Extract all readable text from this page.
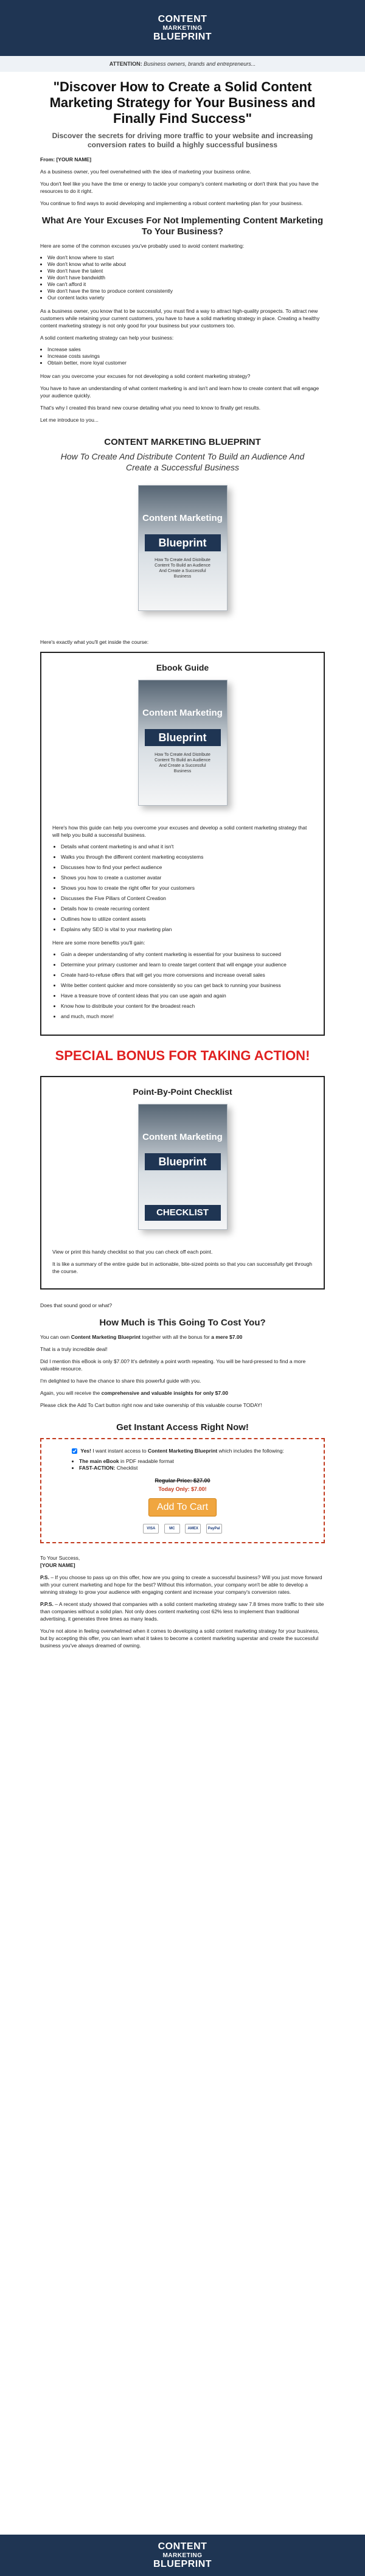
CONTENT
MARKETING
BLUEPRINT
ATTENTION:
Business owners, brands and entrepreneurs...
"Discover How to Create a Solid Content Marketing Strategy for Your Business and Finally Find Success"
Discover the secrets for driving more traffic to your website and increasing conversion rates to build a highly successful business

From: [YOUR NAME]

As a business owner, you feel overwhelmed with the idea of marketing your business online.

You don't feel like you have the time or energy to tackle your company's content marketing or don't think that you have the resources to do it right.

You continue to find ways to avoid developing and implementing a robust content marketing plan for your business.

What Are Your Excuses For Not Implementing Content Marketing To Your Business?

Here are some of the common excuses you've probably used to avoid content marketing:

• We don't know where to start
• We don't know what to write about
• We don't have the talent
• We don't have bandwidth
• We can't afford it
• We don't have the time to produce content consistently
• Our content lacks variety

As a business owner, you know that to be successful, you must find a way to attract high-quality prospects. To attract new customers while retaining your current customers, you have to have a solid marketing strategy in place. Creating a healthy content marketing strategy is not only good for your business but your customers too.

A solid content marketing strategy can help your business:

• Increase sales
• Increase costs savings
• Obtain better, more loyal customer

How can you overcome your excuses for not developing a solid content marketing strategy?

You have to have an understanding of what content marketing is and isn't and learn how to create content that will engage your audience quickly.

That's why I created this brand new course detailing what you need to know to finally get results.

Let me introduce to you...

CONTENT MARKETING BLUEPRINT
How To Create And Distribute Content To Build an Audience And Create a Successful Business
Content Marketing
Blueprint
How To Create And Distribute Content To Build an Audience And Create a Successful Business

Here's exactly what you'll get inside the course:

Ebook Guide
Content Marketing
Blueprint
How To Create And Distribute Content To Build an Audience And Create a Successful Business

Here's how this guide can help you overcome your excuses and develop a solid content marketing strategy that will help you build a successful business.

• Details what content marketing is and what it isn't
• Walks you through the different content marketing ecosystems
• Discusses how to find your perfect audience
• Shows you how to create a customer avatar
• Shows you how to create the right offer for your customers
• Discusses the Five Pillars of Content Creation
• Details how to create recurring content
• Outlines how to utilize content assets
• Explains why SEO is vital to your marketing plan

Here are some more benefits you'll gain:

• Gain a deeper understanding of why content marketing is essential for your business to succeed
• Determine your primary customer and learn to create target content that will engage your audience
• Create hard-to-refuse offers that will get you more conversions and increase overall sales
• Write better content quicker and more consistently so you can get back to running your business
• Have a treasure trove of content ideas that you can use again and again
• Know how to distribute your content for the broadest reach
• and much, much more!
SPECIAL BONUS FOR TAKING ACTION!
Point-By-Point Checklist
Content Marketing
Blueprint
CHECKLIST

View or print this handy checklist so that you can check off each point.

It is like a summary of the entire guide but in actionable, bite-sized points so that you can successfully get through the course.

Does that sound good or what?

How Much is This Going To Cost You?

You can own Content Marketing Blueprint together with all the bonus for a mere $7.00

That is a truly incredible deal!

Did I mention this eBook is only $7.00? It's definitely a point worth repeating. You will be hard-pressed to find a more valuable resource.

I'm delighted to have the chance to share this powerful guide with you.

Again, you will receive the comprehensive and valuable insights for only $7.00

Please click the Add To Cart button right now and take ownership of this valuable course TODAY!

Get Instant Access Right Now!
Yes! I want instant access to Content Marketing Blueprint which includes the following:
• The main eBook in PDF readable format
• FAST-ACTION: Checklist
Regular Price: $27.00
Today Only: $7.00!
Add To Cart
VISA	MC	AMEX	PayPal

To Your Success,

[YOUR NAME]

P.S. – If you choose to pass up on this offer, how are you going to create a successful business? Will you just move forward with your current marketing and hope for the best? Without this information, your company won't be able to develop a winning strategy to grow your audience with engaging content and increase your company's conversion rates.

P.P.S. – A recent study showed that companies with a solid content marketing strategy saw 7.8 times more traffic to their site than companies without a solid plan. Not only does content marketing cost 62% less to implement than traditional advertising, it generates three times as many leads.

You're not alone in feeling overwhelmed when it comes to developing a solid content marketing strategy for your business, but by accepting this offer, you can learn what it takes to become a content marketing superstar and create the successful business you've always dreamed of owning.

CONTENT
MARKETING
BLUEPRINT
